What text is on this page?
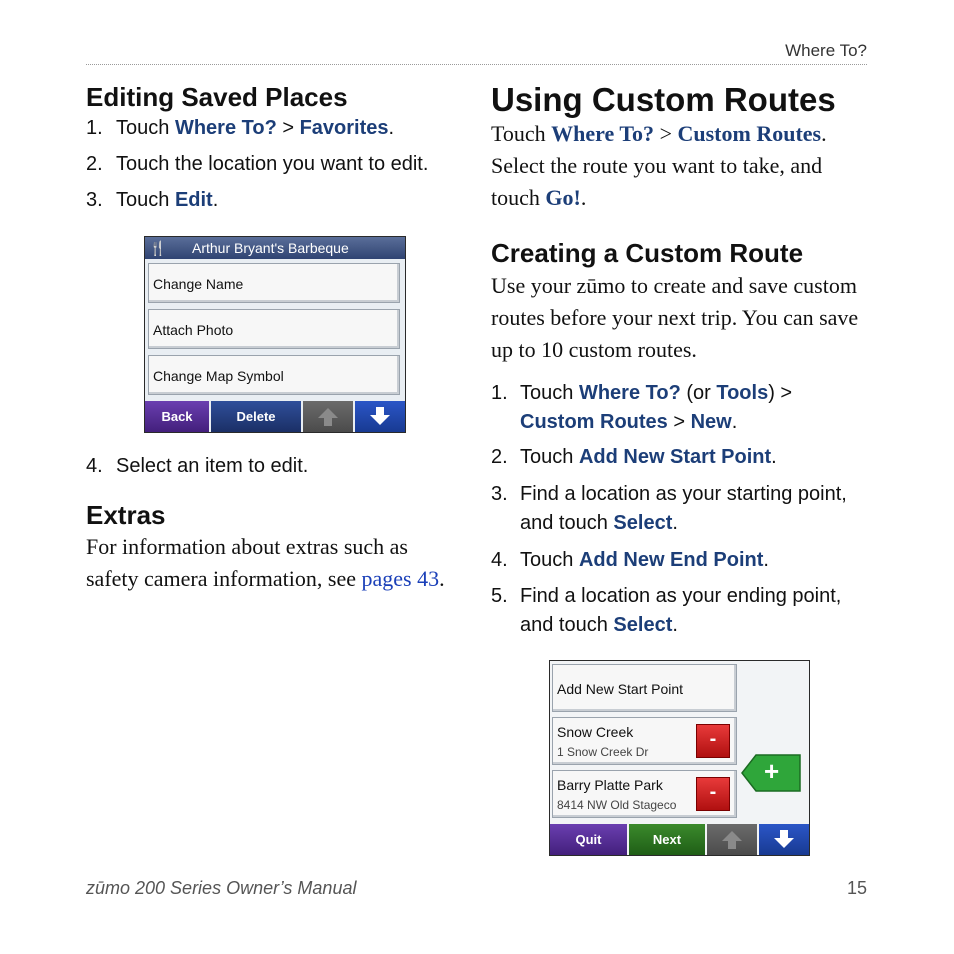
Where To?
Editing Saved Places
1. Touch Where To? > Favorites.
2. Touch the location you want to edit.
3. Touch Edit.
🍴 Arthur Bryant's Barbeque
Change Name
Attach Photo
Change Map Symbol
Back	Delete
4. Select an item to edit.
Extras
For information about extras such as
safety camera information, see pages 43.
Using Custom Routes
Touch Where To? > Custom Routes.
Select the route you want to take, and
touch Go!.
Creating a Custom Route
Use your zūmo to create and save custom
routes before your next trip. You can save
up to 10 custom routes.
1. Touch Where To? (or Tools) >
Custom Routes > New.
2. Touch Add New Start Point.
3. Find a location as your starting point,
and touch Select.
4. Touch Add New End Point.
5. Find a location as your ending point,
and touch Select.
Add New Start Point
Snow Creek
1 Snow Creek Dr
-
Barry Platte Park
8414 NW Old Stageco
-
+
Quit	Next
zūmo 200 Series Owner’s Manual	15
